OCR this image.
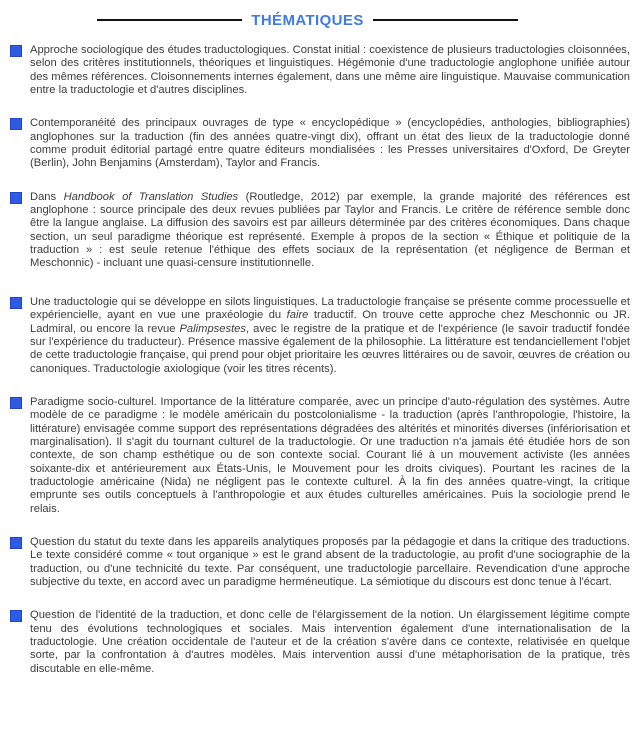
THÉMATIQUES
Approche sociologique des études traductologiques. Constat initial : coexistence de plusieurs traductologies cloisonnées, selon des critères institutionnels, théoriques et linguistiques. Hégémonie d'une traductologie anglophone unifiée autour des mêmes références. Cloisonnements internes également, dans une même aire linguistique. Mauvaise communication entre la traductologie et d'autres disciplines.
Contemporanéité des principaux ouvrages de type « encyclopédique » (encyclopédies, anthologies, bibliographies) anglophones sur la traduction (fin des années quatre-vingt dix), offrant un état des lieux de la traductologie donné comme produit éditorial partagé entre quatre éditeurs mondialisées : les Presses universitaires d'Oxford, De Greyter (Berlin), John Benjamins (Amsterdam), Taylor and Francis.
Dans Handbook of Translation Studies (Routledge, 2012) par exemple, la grande majorité des références est anglophone : source principale des deux revues publiées par Taylor and Francis. Le critère de référence semble donc être la langue anglaise. La diffusion des savoirs est par ailleurs déterminée par des critères économiques. Dans chaque section, un seul paradigme théorique est représenté. Exemple à propos de la section « Éthique et politiquie de la traduction » : est seule retenue l'éthique des effets sociaux de la représentation (et négligence de Berman et Meschonnic) - incluant une quasi-censure institutionnelle.
Une traductologie qui se développe en silots linguistiques. La traductologie française se présente comme processuelle et expériencielle, ayant en vue une praxéologie du faire traductif. On trouve cette approche chez Meschonnic ou JR. Ladmiral, ou encore la revue Palimpsestes, avec le registre de la pratique et de l'expérience (le savoir traductif fondée sur l'expérience du traducteur). Présence massive également de la philosophie. La littérature est tendanciellement l'objet de cette traductologie française, qui prend pour objet prioritaire les œuvres littéraires ou de savoir, œuvres de création ou canoniques. Traductologie axiologique (voir les titres récents).
Paradigme socio-culturel. Importance de la littérature comparée, avec un principe d'auto-régulation des systèmes. Autre modèle de ce paradigme : le modèle américain du postcolonialisme - la traduction (après l'anthropologie, l'histoire, la littérature) envisagée comme support des représentations dégradées des altérités et minorités diverses (infériorisation et marginalisation). Il s'agit du tournant culturel de la traductologie. Or une traduction n'a jamais été étudiée hors de son contexte, de son champ esthétique ou de son contexte social. Courant lié à un mouvement activiste (les années soixante-dix et antérieurement aux États-Unis, le Mouvement pour les droits civiques). Pourtant les racines de la traductologie américaine (Nida) ne négligent pas le contexte culturel. À la fin des années quatre-vingt, la critique emprunte ses outils conceptuels à l'anthropologie et aux études culturelles américaines. Puis la sociologie prend le relais.
Question du statut du texte dans les appareils analytiques proposés par la pédagogie et dans la critique des traductions. Le texte considéré comme « tout organique » est le grand absent de la traductologie, au profit d'une sociographie de la traduction, ou d'une technicité du texte. Par conséquent, une traductologie parcellaire. Revendication d'une approche subjective du texte, en accord avec un paradigme herméneutique. La sémiotique du discours est donc tenue à l'écart.
Question de l'identité de la traduction, et donc celle de l'élargissement de la notion. Un élargissement légitime compte tenu des évolutions technologiques et sociales. Mais intervention également d'une internationalisation de la traductologie. Une création occidentale de l'auteur et de la création s'avère dans ce contexte, relativisée en quelque sorte, par la confrontation à d'autres modèles. Mais intervention aussi d'une métaphorisation de la pratique, très discutable en elle-même.
